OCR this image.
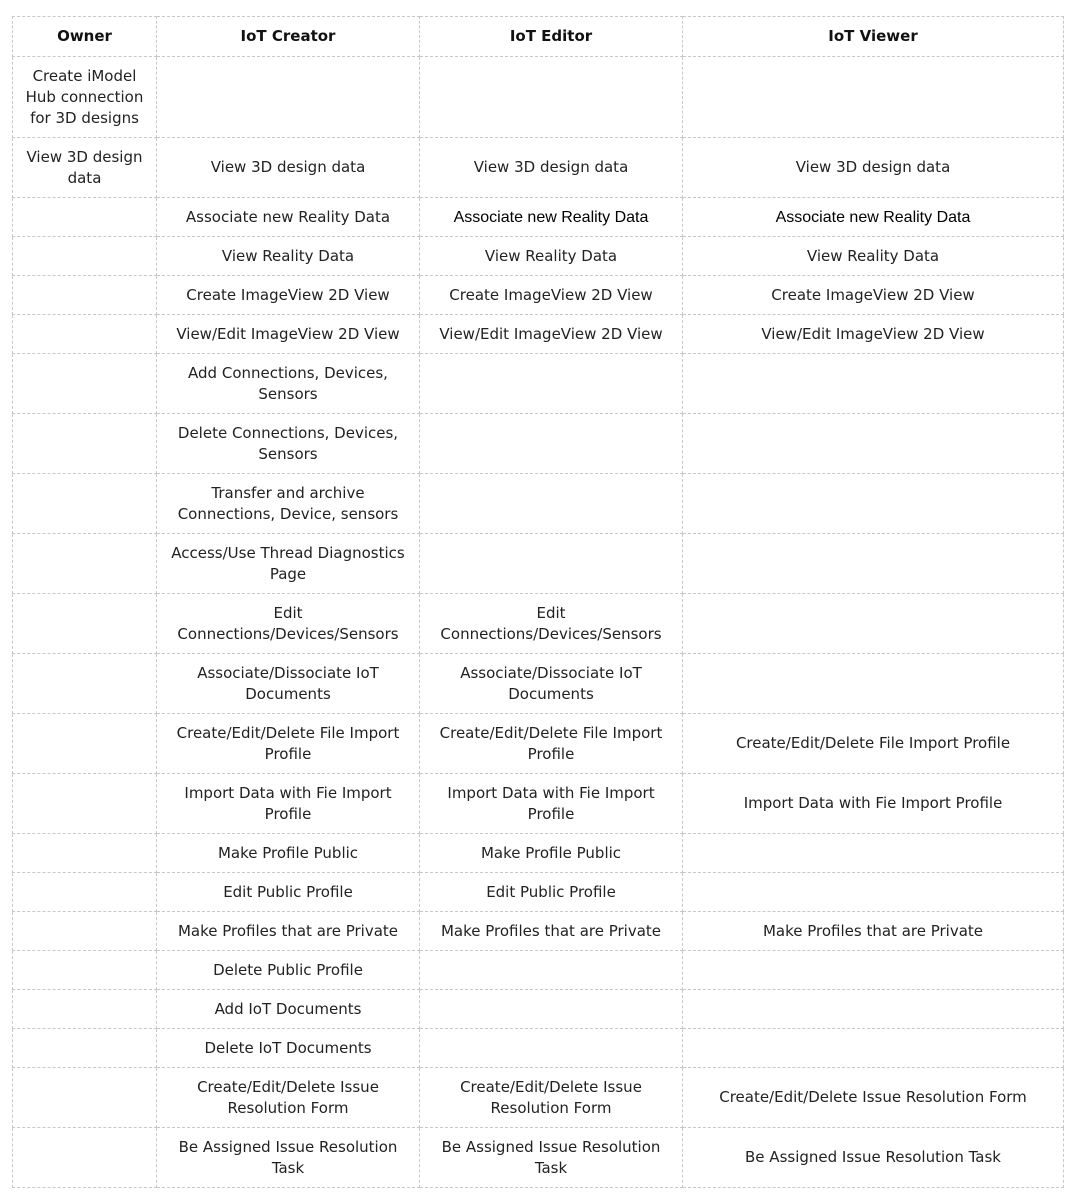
Owner	IoT Creator	IoT Editor	IoT Viewer
Create iModel Hub connection for 3D designs			
View 3D design data	View 3D design data	View 3D design data	View 3D design data
	Associate new Reality Data	Associate new Reality Data	Associate new Reality Data
	View Reality Data	View Reality Data	View Reality Data
	Create ImageView 2D View	Create ImageView 2D View	Create ImageView 2D View
	View/Edit ImageView 2D View	View/Edit ImageView 2D View	View/Edit ImageView 2D View
	Add Connections, Devices, Sensors		
	Delete Connections, Devices, Sensors		
	Transfer and archive Connections, Device, sensors		
	Access/Use Thread Diagnostics Page		
	Edit Connections/Devices/Sensors	Edit Connections/Devices/Sensors	
	Associate/Dissociate IoT Documents	Associate/Dissociate IoT Documents	
	Create/Edit/Delete File Import Profile	Create/Edit/Delete File Import Profile	Create/Edit/Delete File Import Profile
	Import Data with Fie Import Profile	Import Data with Fie Import Profile	Import Data with Fie Import Profile
	Make Profile Public	Make Profile Public	
	Edit Public Profile	Edit Public Profile	
	Make Profiles that are Private	Make Profiles that are Private	Make Profiles that are Private
	Delete Public Profile		
	Add IoT Documents		
	Delete IoT Documents		
	Create/Edit/Delete Issue Resolution Form	Create/Edit/Delete Issue Resolution Form	Create/Edit/Delete Issue Resolution Form
	Be Assigned Issue Resolution Task	Be Assigned Issue Resolution Task	Be Assigned Issue Resolution Task
